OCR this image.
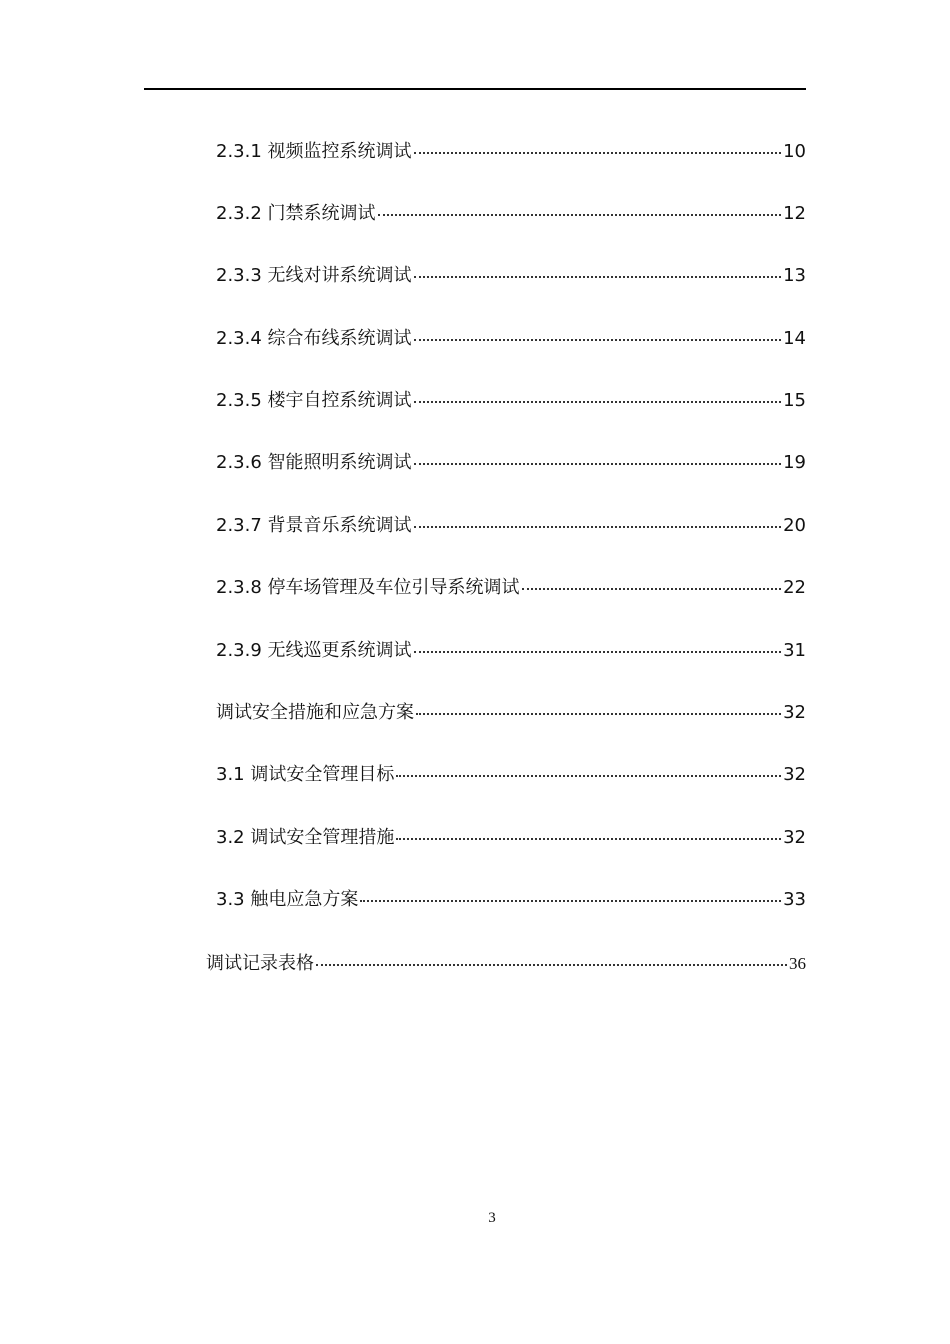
2.3.1 视频监控系统调试	10
2.3.2 门禁系统调试	12
2.3.3 无线对讲系统调试	13
2.3.4 综合布线系统调试	14
2.3.5 楼宇自控系统调试	15
2.3.6 智能照明系统调试	19
2.3.7 背景音乐系统调试	20
2.3.8 停车场管理及车位引导系统调试	22
2.3.9 无线巡更系统调试	31
调试安全措施和应急方案	32
3.1 调试安全管理目标	32
3.2 调试安全管理措施	32
3.3 触电应急方案	33
调试记录表格	36
3
